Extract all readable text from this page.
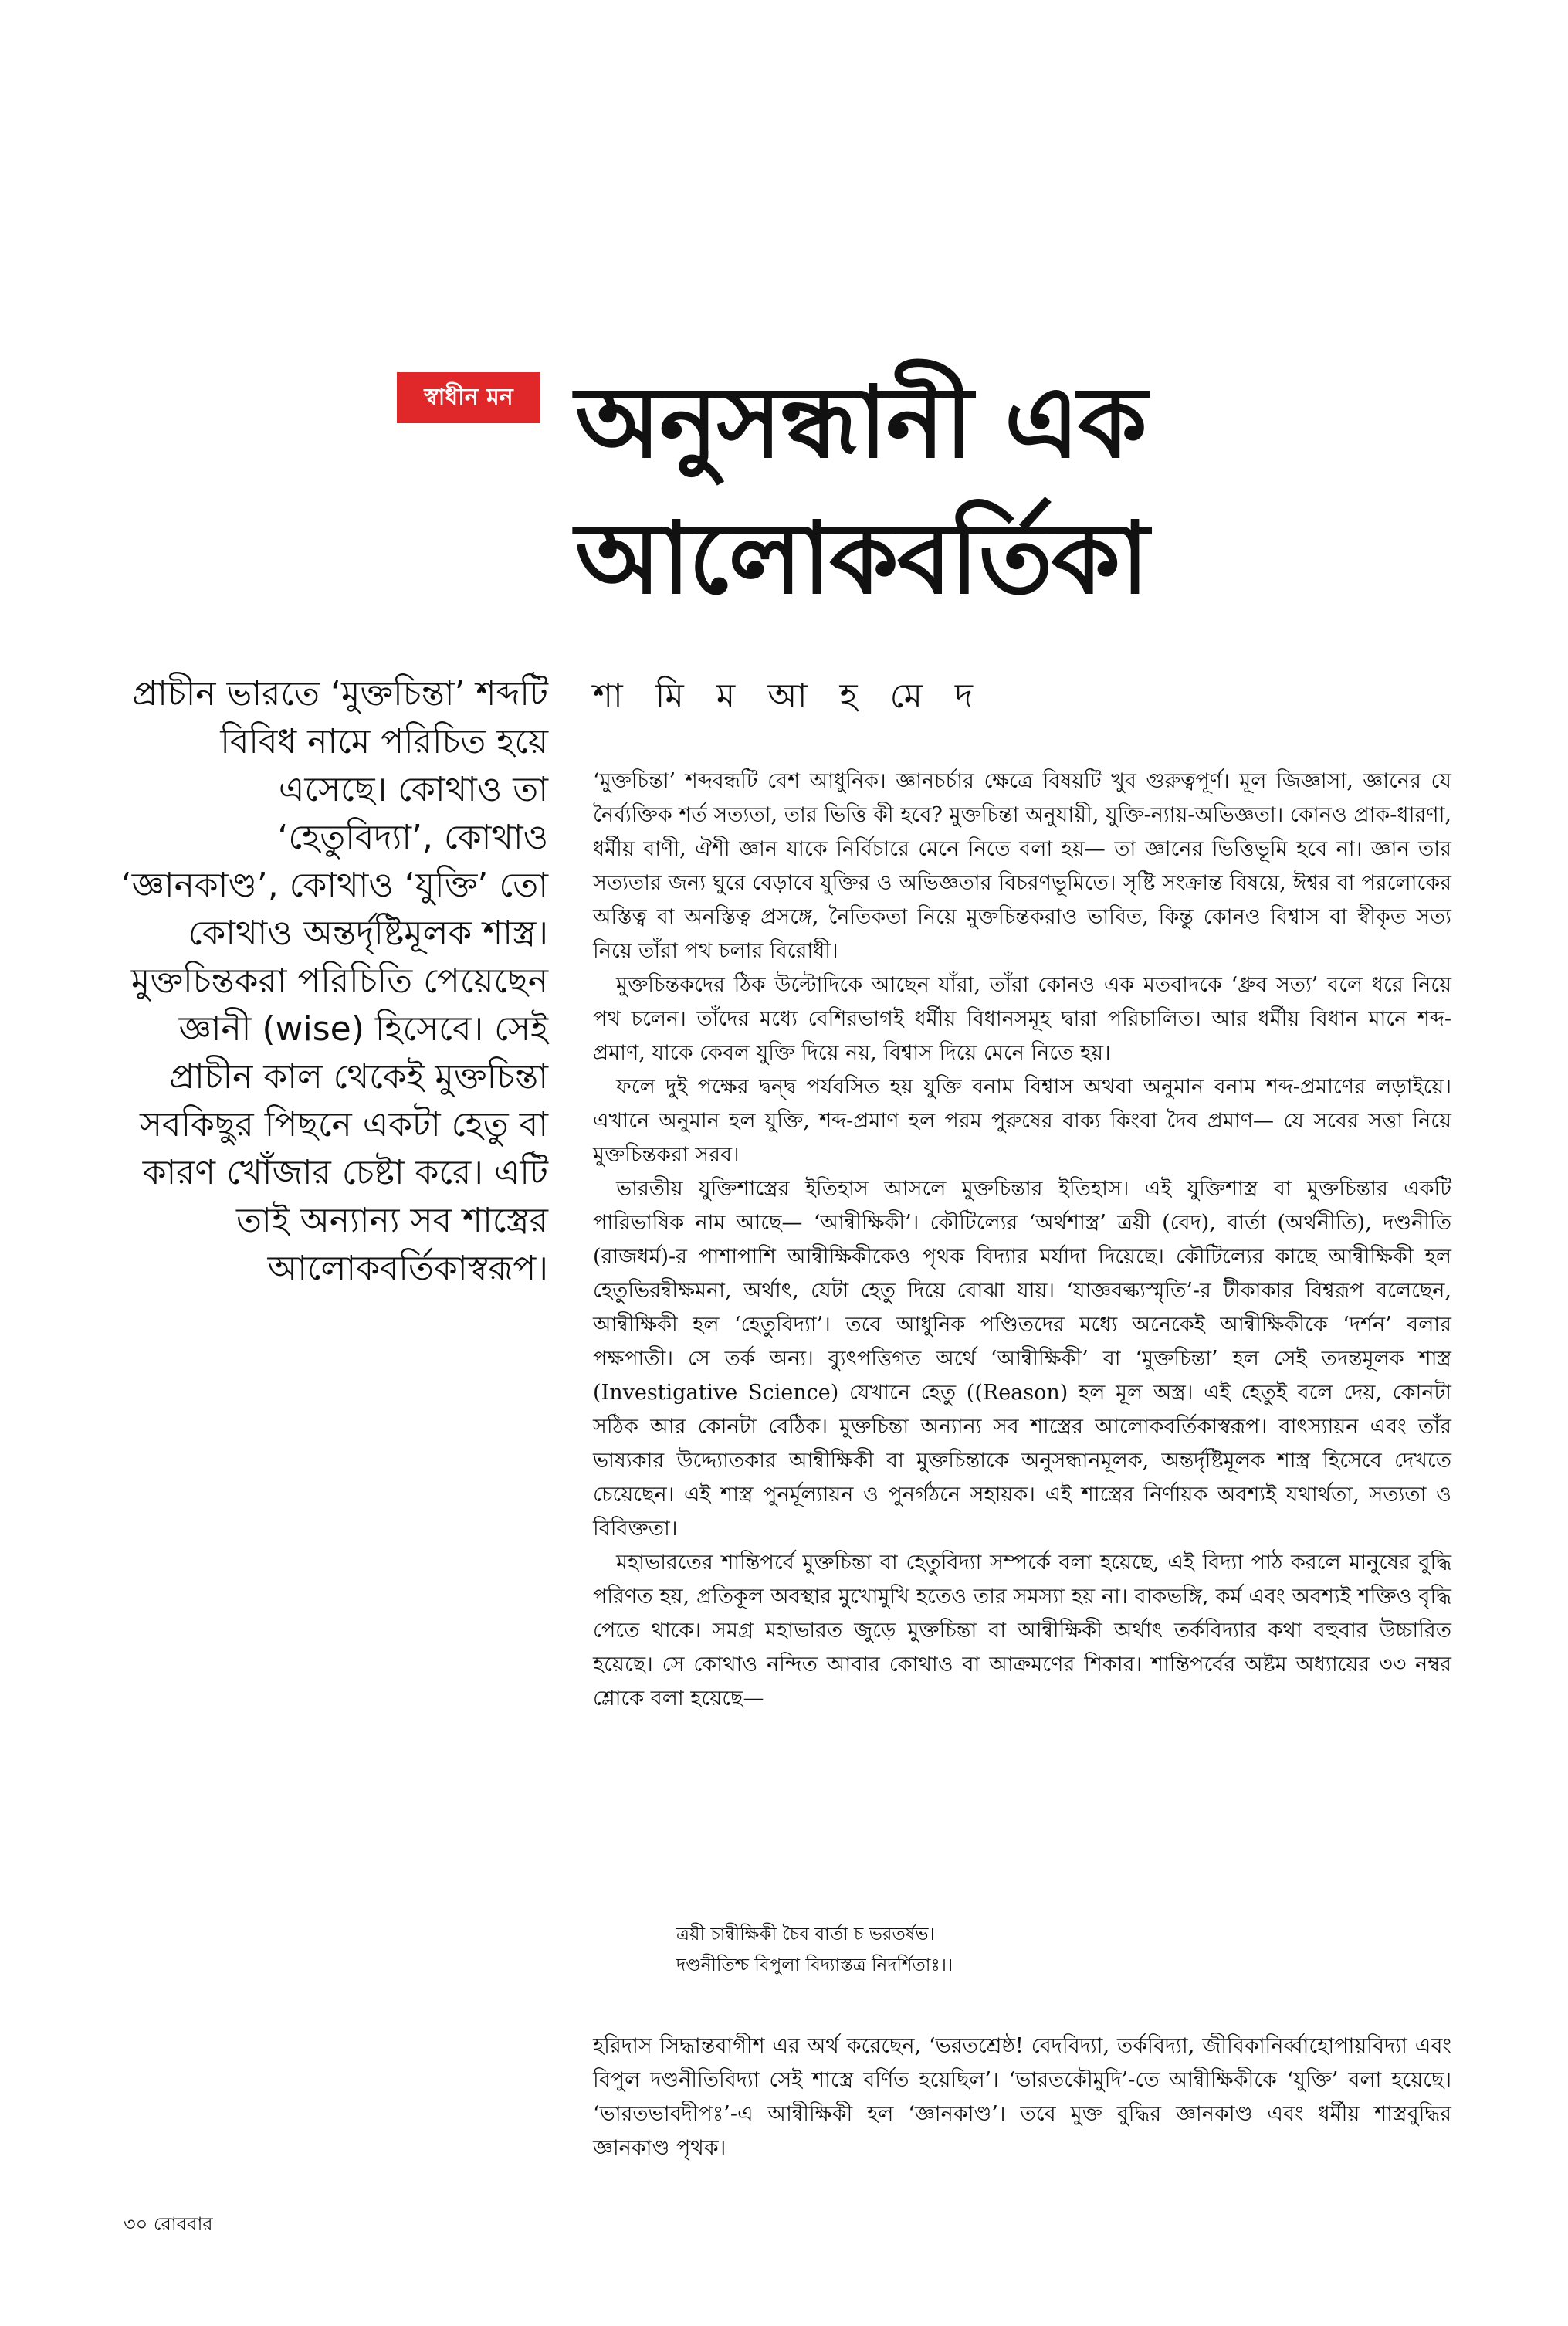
স্বাধীন মন অনুসন্ধানী এক আলোকবর্তিকা
প্রাচীন ভারতে ‘মুক্তচিন্তা’ শব্দটি বিবিধ নামে পরিচিত হয়ে এসেছে। কোথাও তা ‘হেতুবিদ্যা’, কোথাও ‘জ্ঞানকাণ্ড’, কোথাও ‘যুক্তি’ তো কোথাও অন্তর্দৃষ্টিমূলক শাস্ত্র। মুক্তচিন্তকরা পরিচিতি পেয়েছেন জ্ঞানী (wise) হিসেবে। সেই প্রাচীন কাল থেকেই মুক্তচিন্তা সবকিছুর পিছনে একটা হেতু বা কারণ খোঁজার চেষ্টা করে। এটি তাই অন্যান্য সব শাস্ত্রের আলোকবর্তিকাস্বরূপ।
শা মি ম আ হ মে দ

‘মুক্তচিন্তা’ শব্দবন্ধটি বেশ আধুনিক। জ্ঞানচর্চার ক্ষেত্রে বিষয়টি খুব গুরুত্বপূর্ণ। মূল জিজ্ঞাসা, জ্ঞানের যে নৈর্ব্যক্তিক শর্ত সত্যতা, তার ভিত্তি কী হবে? মুক্তচিন্তা অনুযায়ী, যুক্তি-ন্যায়-অভিজ্ঞতা। কোনও প্রাক-ধারণা, ধর্মীয় বাণী, ঐশী জ্ঞান যাকে নির্বিচারে মেনে নিতে বলা হয়— তা জ্ঞানের ভিত্তিভূমি হবে না। জ্ঞান তার সত্যতার জন্য ঘুরে বেড়াবে যুক্তির ও অভিজ্ঞতার বিচরণভূমিতে। সৃষ্টি সংক্রান্ত বিষয়ে, ঈশ্বর বা পরলোকের অস্তিত্ব বা অনস্তিত্ব প্রসঙ্গে, নৈতিকতা নিয়ে মুক্তচিন্তকরাও ভাবিত, কিন্তু কোনও বিশ্বাস বা স্বীকৃত সত্য নিয়ে তাঁরা পথ চলার বিরোধী।

মুক্তচিন্তকদের ঠিক উল্টোদিকে আছেন যাঁরা, তাঁরা কোনও এক মতবাদকে ‘ধ্রুব সত্য’ বলে ধরে নিয়ে পথ চলেন। তাঁদের মধ্যে বেশিরভাগই ধর্মীয় বিধানসমূহ দ্বারা পরিচালিত। আর ধর্মীয় বিধান মানে শব্দ-প্রমাণ, যাকে কেবল যুক্তি দিয়ে নয়, বিশ্বাস দিয়ে মেনে নিতে হয়।

ফলে দুই পক্ষের দ্বন্দ্ব পর্যবসিত হয় যুক্তি বনাম বিশ্বাস অথবা অনুমান বনাম শব্দ-প্রমাণের লড়াইয়ে। এখানে অনুমান হল যুক্তি, শব্দ-প্রমাণ হল পরম পুরুষের বাক্য কিংবা দৈব প্রমাণ— যে সবের সত্তা নিয়ে মুক্তচিন্তকরা সরব।

ভারতীয় যুক্তিশাস্ত্রের ইতিহাস আসলে মুক্তচিন্তার ইতিহাস। এই যুক্তিশাস্ত্র বা মুক্তচিন্তার একটি পারিভাষিক নাম আছে— ‘আন্বীক্ষিকী’। কৌটিল্যের ‘অর্থশাস্ত্র’ ত্রয়ী (বেদ), বার্তা (অর্থনীতি), দণ্ডনীতি (রাজধর্ম)-র পাশাপাশি আন্বীক্ষিকীকেও পৃথক বিদ্যার মর্যাদা দিয়েছে। কৌটিল্যের কাছে আন্বীক্ষিকী হল হেতুভিরন্বীক্ষমনা, অর্থাৎ, যেটা হেতু দিয়ে বোঝা যায়। ‘যাজ্ঞবল্ক্যস্মৃতি’-র টীকাকার বিশ্বরূপ বলেছেন, আন্বীক্ষিকী হল ‘হেতুবিদ্যা’। তবে আধুনিক পণ্ডিতদের মধ্যে অনেকেই আন্বীক্ষিকীকে ‘দর্শন’ বলার পক্ষপাতী। সে তর্ক অন্য। ব্যুৎপত্তিগত অর্থে ‘আন্বীক্ষিকী’ বা ‘মুক্তচিন্তা’ হল সেই তদন্তমূলক শাস্ত্র (Investigative Science) যেখানে হেতু ((Reason) হল মূল অস্ত্র। এই হেতুই বলে দেয়, কোনটা সঠিক আর কোনটা বেঠিক। মুক্তচিন্তা অন্যান্য সব শাস্ত্রের আলোকবর্তিকাস্বরূপ। বাৎস্যায়ন এবং তাঁর ভাষ্যকার উদ্দ্যোতকার আন্বীক্ষিকী বা মুক্তচিন্তাকে অনুসন্ধানমূলক, অন্তর্দৃষ্টিমূলক শাস্ত্র হিসেবে দেখতে চেয়েছেন। এই শাস্ত্র পুনর্মূল্যায়ন ও পুনর্গঠনে সহায়ক। এই শাস্ত্রের নির্ণায়ক অবশ্যই যথার্থতা, সত্যতা ও বিবিক্ততা।

মহাভারতের শান্তিপর্বে মুক্তচিন্তা বা হেতুবিদ্যা সম্পর্কে বলা হয়েছে, এই বিদ্যা পাঠ করলে মানুষের বুদ্ধি পরিণত হয়, প্রতিকূল অবস্থার মুখোমুখি হতেও তার সমস্যা হয় না। বাকভঙ্গি, কর্ম এবং অবশ্যই শক্তিও বৃদ্ধি পেতে থাকে। সমগ্র মহাভারত জুড়ে মুক্তচিন্তা বা আন্বীক্ষিকী অর্থাৎ তর্কবিদ্যার কথা বহুবার উচ্চারিত হয়েছে। সে কোথাও নন্দিত আবার কোথাও বা আক্রমণের শিকার। শান্তিপর্বের অষ্টম অধ্যায়ের ৩৩ নম্বর শ্লোকে বলা হয়েছে—

ত্রয়ী চান্বীক্ষিকী চৈব বার্তা চ ভরতর্ষভ।
দণ্ডনীতিশ্চ বিপুলা বিদ্যাস্তত্র নিদর্শিতাঃ।।

হরিদাস সিদ্ধান্তবাগীশ এর অর্থ করেছেন, ‘ভরতশ্রেষ্ঠ! বেদবিদ্যা, তর্কবিদ্যা, জীবিকানির্ব্বাহোপায়বিদ্যা এবং বিপুল দণ্ডনীতিবিদ্যা সেই শাস্ত্রে বর্ণিত হয়েছিল’। ‘ভারতকৌমুদি’-তে আন্বীক্ষিকীকে ‘যুক্তি’ বলা হয়েছে। ‘ভারতভাবদীপঃ’-এ আন্বীক্ষিকী হল ‘জ্ঞানকাণ্ড’। তবে মুক্ত বুদ্ধির জ্ঞানকাণ্ড এবং ধর্মীয় শাস্ত্রবুদ্ধির জ্ঞানকাণ্ড পৃথক।

৩০ রোববার
